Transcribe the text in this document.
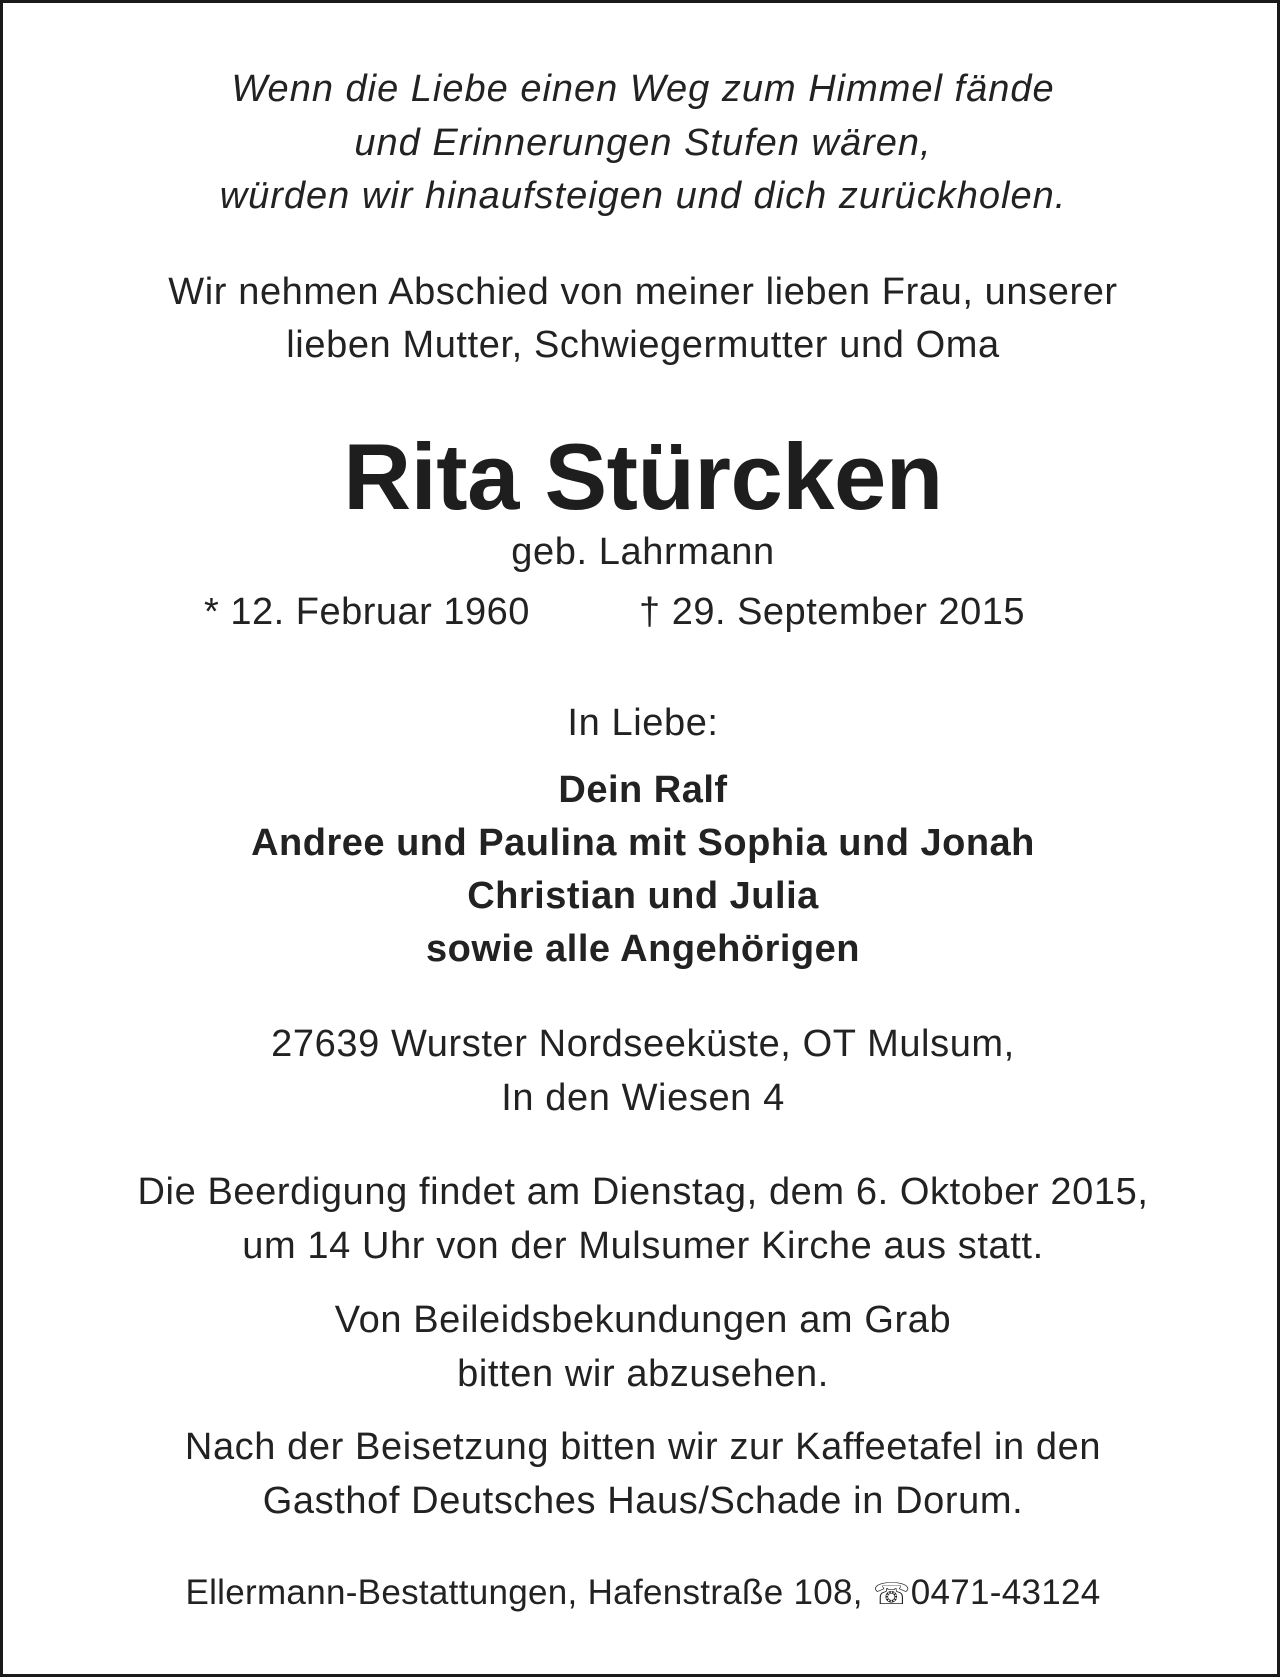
Wenn die Liebe einen Weg zum Himmel fände
und Erinnerungen Stufen wären,
würden wir hinaufsteigen und dich zurückholen.
Wir nehmen Abschied von meiner lieben Frau, unserer
lieben Mutter, Schwiegermutter und Oma
Rita Stürcken
geb. Lahrmann
* 12. Februar 1960	† 29. September 2015
In Liebe:
Dein Ralf
Andree und Paulina mit Sophia und Jonah
Christian und Julia
sowie alle Angehörigen
27639 Wurster Nordseeküste, OT Mulsum,
In den Wiesen 4
Die Beerdigung findet am Dienstag, dem 6. Oktober 2015,
um 14 Uhr von der Mulsumer Kirche aus statt.
Von Beileidsbekundungen am Grab
bitten wir abzusehen.
Nach der Beisetzung bitten wir zur Kaffeetafel in den
Gasthof Deutsches Haus/Schade in Dorum.
Ellermann-Bestattungen, Hafenstraße 108, ☏0471-43124
